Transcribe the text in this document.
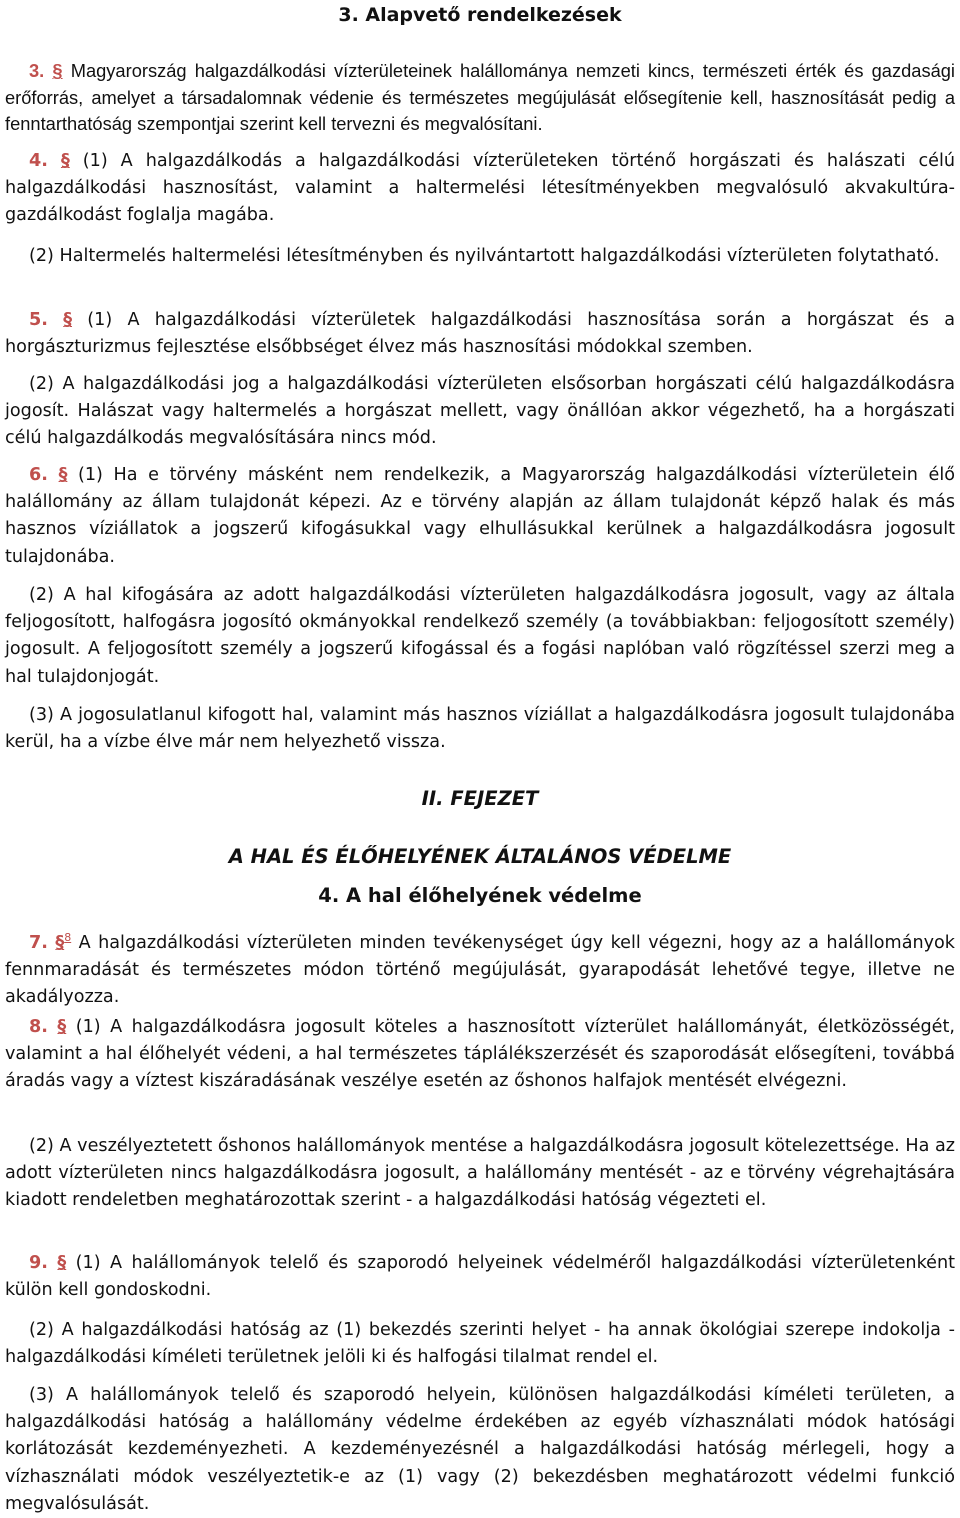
3. Alapvető rendelkezések
3. § Magyarország halgazdálkodási vízterületeinek halállománya nemzeti kincs, természeti érték és gazdasági erőforrás, amelyet a társadalomnak védenie és természetes megújulását elősegítenie kell, hasznosítását pedig a fenntarthatóság szempontjai szerint kell tervezni és megvalósítani.
4. § (1) A halgazdálkodás a halgazdálkodási vízterületeken történő horgászati és halászati célú halgazdálkodási hasznosítást, valamint a haltermelési létesítményekben megvalósuló akvakultúra-gazdálkodást foglalja magába.
(2) Haltermelés haltermelési létesítményben és nyilvántartott halgazdálkodási vízterületen folytatható.
5. § (1) A halgazdálkodási vízterületek halgazdálkodási hasznosítása során a horgászat és a horgászturizmus fejlesztése elsőbbséget élvez más hasznosítási módokkal szemben.
(2) A halgazdálkodási jog a halgazdálkodási vízterületen elsősorban horgászati célú halgazdálkodásra jogosít. Halászat vagy haltermelés a horgászat mellett, vagy önállóan akkor végezhető, ha a horgászati célú halgazdálkodás megvalósítására nincs mód.
6. § (1) Ha e törvény másként nem rendelkezik, a Magyarország halgazdálkodási vízterületein élő halállomány az állam tulajdonát képezi. Az e törvény alapján az állam tulajdonát képző halak és más hasznos víziállatok a jogszerű kifogásukkal vagy elhullásukkal kerülnek a halgazdálkodásra jogosult tulajdonába.
(2) A hal kifogására az adott halgazdálkodási vízterületen halgazdálkodásra jogosult, vagy az általa feljogosított, halfogásra jogosító okmányokkal rendelkező személy (a továbbiakban: feljogosított személy) jogosult. A feljogosított személy a jogszerű kifogással és a fogási naplóban való rögzítéssel szerzi meg a hal tulajdonjogát.
(3) A jogosulatlanul kifogott hal, valamint más hasznos víziállat a halgazdálkodásra jogosult tulajdonába kerül, ha a vízbe élve már nem helyezhető vissza.
II. FEJEZET
A HAL ÉS ÉLŐHELYÉNEK ÁLTALÁNOS VÉDELME
4. A hal élőhelyének védelme
7. §$^8$ A halgazdálkodási vízterületen minden tevékenységet úgy kell végezni, hogy az a halállományok fennmaradását és természetes módon történő megújulását, gyarapodását lehetővé tegye, illetve ne akadályozza.
8. § (1) A halgazdálkodásra jogosult köteles a hasznosított vízterület halállományát, életközösségét, valamint a hal élőhelyét védeni, a hal természetes táplálékszerzését és szaporodását elősegíteni, továbbá áradás vagy a víztest kiszáradásának veszélye esetén az őshonos halfajok mentését elvégezni.
(2) A veszélyeztetett őshonos halállományok mentése a halgazdálkodásra jogosult kötelezettsége. Ha az adott vízterületen nincs halgazdálkodásra jogosult, a halállomány mentését - az e törvény végrehajtására kiadott rendeletben meghatározottak szerint - a halgazdálkodási hatóság végezteti el.
9. § (1) A halállományok telelő és szaporodó helyeinek védelméről halgazdálkodási vízterületenként külön kell gondoskodni.
(2) A halgazdálkodási hatóság az (1) bekezdés szerinti helyet - ha annak ökológiai szerepe indokolja - halgazdálkodási kíméleti területnek jelöli ki és halfogási tilalmat rendel el.
(3) A halállományok telelő és szaporodó helyein, különösen halgazdálkodási kíméleti területen, a halgazdálkodási hatóság a halállomány védelme érdekében az egyéb vízhasználati módok hatósági korlátozását kezdeményezheti. A kezdeményezésnél a halgazdálkodási hatóság mérlegeli, hogy a vízhasználati módok veszélyeztetik-e az (1) vagy (2) bekezdésben meghatározott védelmi funkció megvalósulását.
